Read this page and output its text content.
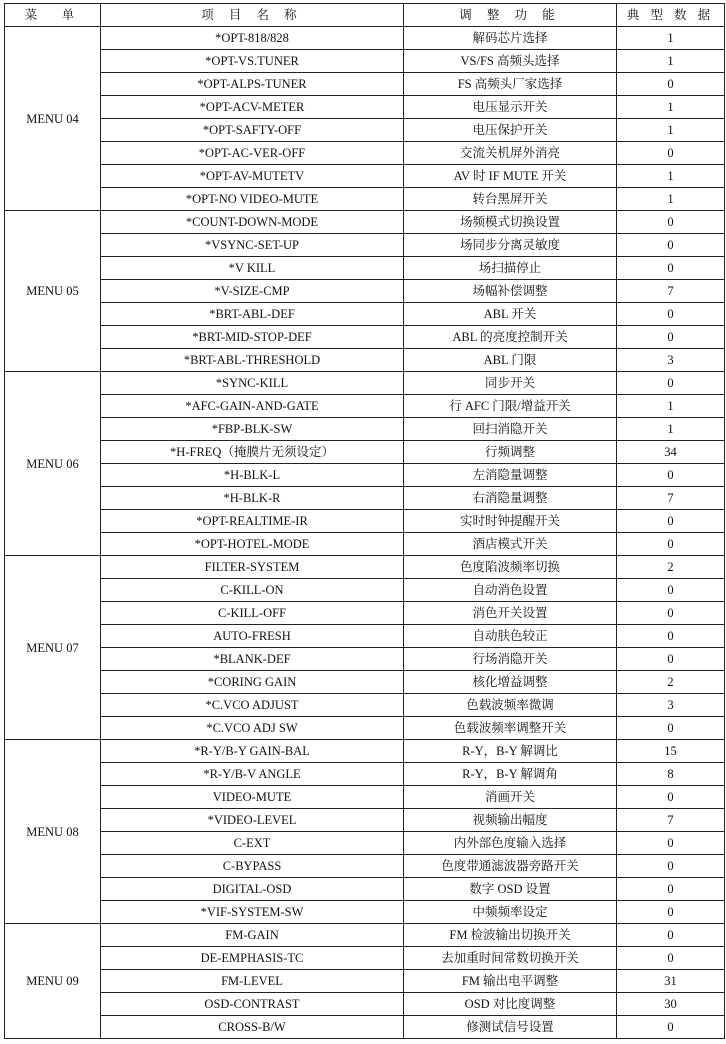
菜　单	项 目 名 称	调 整 功 能	典 型 数 据
MENU 04	*OPT-818/828	解码芯片选择	1
	*OPT-VS.TUNER	VS/FS 高频头选择	1
	*OPT-ALPS-TUNER	FS 高频头厂家选择	0
	*OPT-ACV-METER	电压显示开关	1
	*OPT-SAFTY-OFF	电压保护开关	1
	*OPT-AC-VER-OFF	交流关机屏外消亮	0
	*OPT-AV-MUTETV	AV 时 IF MUTE 开关	1
	*OPT-NO VIDEO-MUTE	转台黑屏开关	1
MENU 05	*COUNT-DOWN-MODE	场频模式切换设置	0
	*VSYNC-SET-UP	场同步分离灵敏度	0
	*V KILL	场扫描停止	0
	*V-SIZE-CMP	场幅补偿调整	7
	*BRT-ABL-DEF	ABL 开关	0
	*BRT-MID-STOP-DEF	ABL 的亮度控制开关	0
	*BRT-ABL-THRESHOLD	ABL 门限	3
MENU 06	*SYNC-KILL	同步开关	0
	*AFC-GAIN-AND-GATE	行 AFC 门限/增益开关	1
	*FBP-BLK-SW	回扫消隐开关	1
	*H-FREQ（掩膜片无须设定）	行频调整	34
	*H-BLK-L	左消隐量调整	0
	*H-BLK-R	右消隐量调整	7
	*OPT-REALTIME-IR	实时时钟提醒开关	0
	*OPT-HOTEL-MODE	酒店模式开关	0
MENU 07	FILTER-SYSTEM	色度陷波频率切换	2
	C-KILL-ON	自动消色设置	0
	C-KILL-OFF	消色开关设置	0
	AUTO-FRESH	自动肤色较正	0
	*BLANK-DEF	行场消隐开关	0
	*CORING GAIN	核化增益调整	2
	*C.VCO ADJUST	色载波频率微调	3
	*C.VCO ADJ SW	色载波频率调整开关	0
MENU 08	*R-Y/B-Y GAIN-BAL	R-Y，B-Y 解调比	15
	*R-Y/B-V ANGLE	R-Y，B-Y 解调角	8
	VIDEO-MUTE	消画开关	0
	*VIDEO-LEVEL	视频输出幅度	7
	C-EXT	内外部色度输入选择	0
	C-BYPASS	色度带通滤波器旁路开关	0
	DIGITAL-OSD	数字 OSD 设置	0
	*VIF-SYSTEM-SW	中频频率设定	0
MENU 09	FM-GAIN	FM 检波输出切换开关	0
	DE-EMPHASIS-TC	去加重时间常数切换开关	0
	FM-LEVEL	FM 输出电平调整	31
	OSD-CONTRAST	OSD 对比度调整	30
	CROSS-B/W	修测试信号设置	0
